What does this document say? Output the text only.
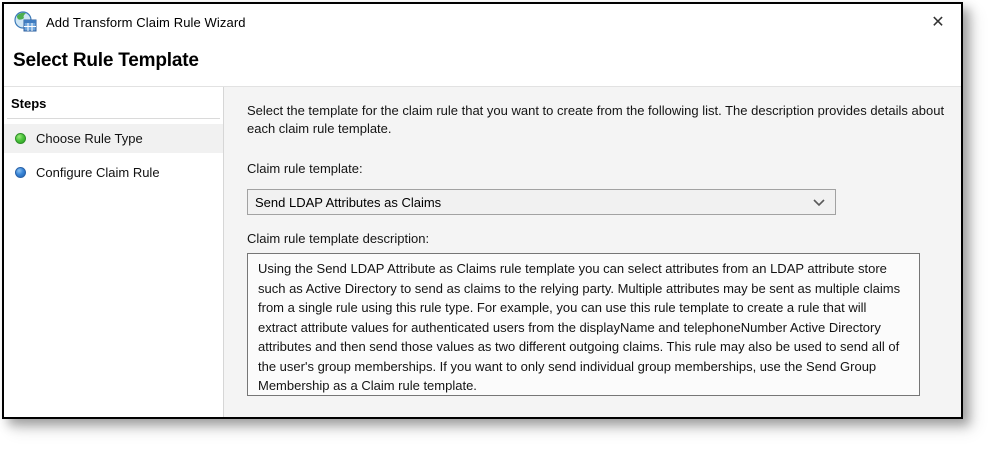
Add Transform Claim Rule Wizard	✕
Select Rule Template
Steps
Choose Rule Type
Configure Claim Rule
Select the template for the claim rule that you want to create from the following list. The description provides details about each claim rule template.
Claim rule template:
Send LDAP Attributes as Claims
Claim rule template description:
Using the Send LDAP Attribute as Claims rule template you can select attributes from an LDAP attribute store such as Active Directory to send as claims to the relying party. Multiple attributes may be sent as multiple claims from a single rule using this rule type. For example, you can use this rule template to create a rule that will extract attribute values for authenticated users from the displayName and telephoneNumber Active Directory attributes and then send those values as two different outgoing claims. This rule may also be used to send all of the user's group memberships. If you want to only send individual group memberships, use the Send Group Membership as a Claim rule template.
